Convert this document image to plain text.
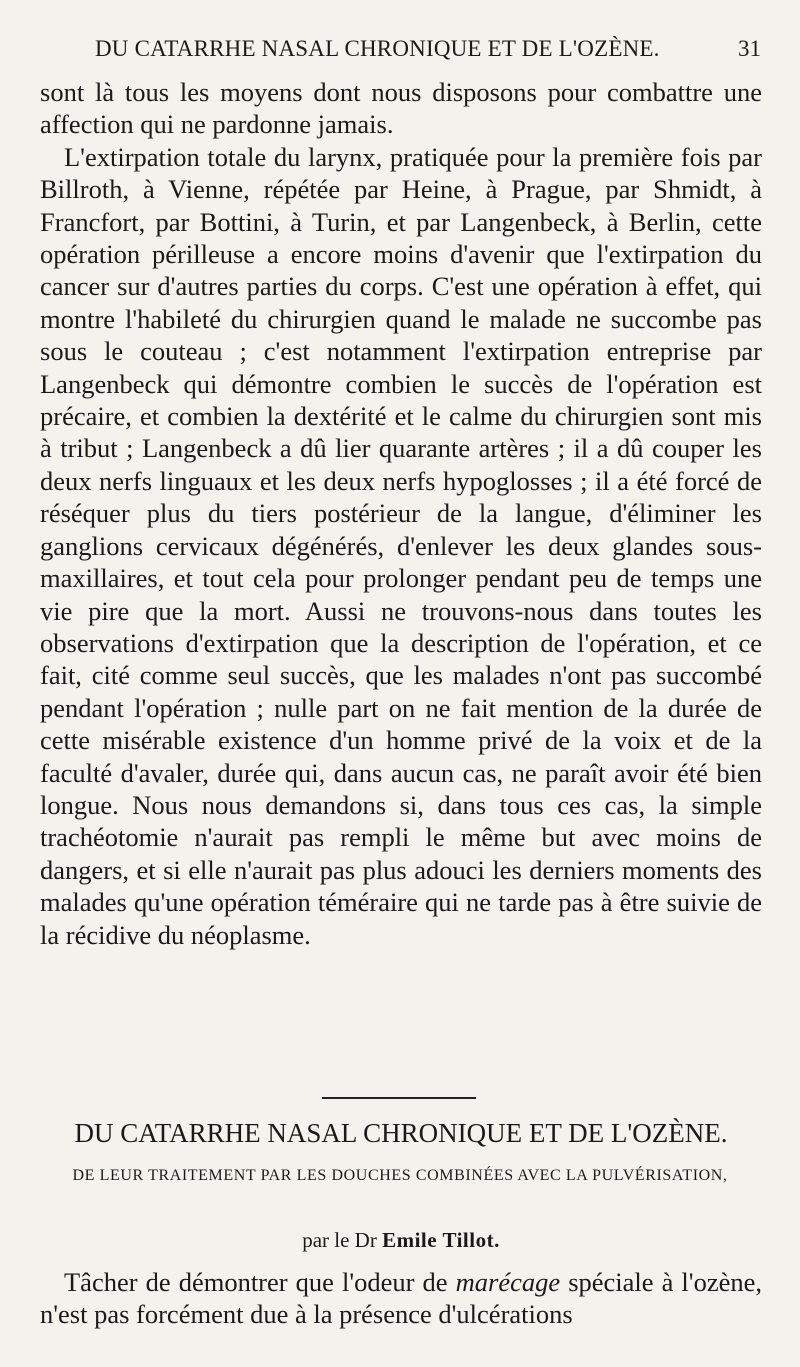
DU CATARRHE NASAL CHRONIQUE ET DE L'OZÈNE.	31

sont là tous les moyens dont nous disposons pour combattre une affection qui ne pardonne jamais.

L'extirpation totale du larynx, pratiquée pour la première fois par Billroth, à Vienne, répétée par Heine, à Prague, par Shmidt, à Francfort, par Bottini, à Turin, et par Langenbeck, à Berlin, cette opération périlleuse a encore moins d'avenir que l'extirpation du cancer sur d'autres parties du corps. C'est une opération à effet, qui montre l'habileté du chirurgien quand le malade ne succombe pas sous le couteau ; c'est notamment l'extirpation entreprise par Langenbeck qui démontre combien le succès de l'opération est précaire, et combien la dextérité et le calme du chirurgien sont mis à tribut ; Langenbeck a dû lier quarante artères ; il a dû couper les deux nerfs linguaux et les deux nerfs hypoglosses ; il a été forcé de réséquer plus du tiers postérieur de la langue, d'éliminer les ganglions cervicaux dégénérés, d'enlever les deux glandes sous-maxillaires, et tout cela pour prolonger pendant peu de temps une vie pire que la mort. Aussi ne trouvons-nous dans toutes les observations d'extirpation que la description de l'opération, et ce fait, cité comme seul succès, que les malades n'ont pas succombé pendant l'opération ; nulle part on ne fait mention de la durée de cette misérable existence d'un homme privé de la voix et de la faculté d'avaler, durée qui, dans aucun cas, ne paraît avoir été bien longue. Nous nous demandons si, dans tous ces cas, la simple trachéotomie n'aurait pas rempli le même but avec moins de dangers, et si elle n'aurait pas plus adouci les derniers moments des malades qu'une opération téméraire qui ne tarde pas à être suivie de la récidive du néoplasme.

DU CATARRHE NASAL CHRONIQUE ET DE L'OZÈNE.
DE LEUR TRAITEMENT PAR LES DOUCHES COMBINÉES AVEC LA PULVÉRISATION,
par le Dr Emile Tillot.

Tâcher de démontrer que l'odeur de marécage spéciale à l'ozène, n'est pas forcément due à la présence d'ulcérations
